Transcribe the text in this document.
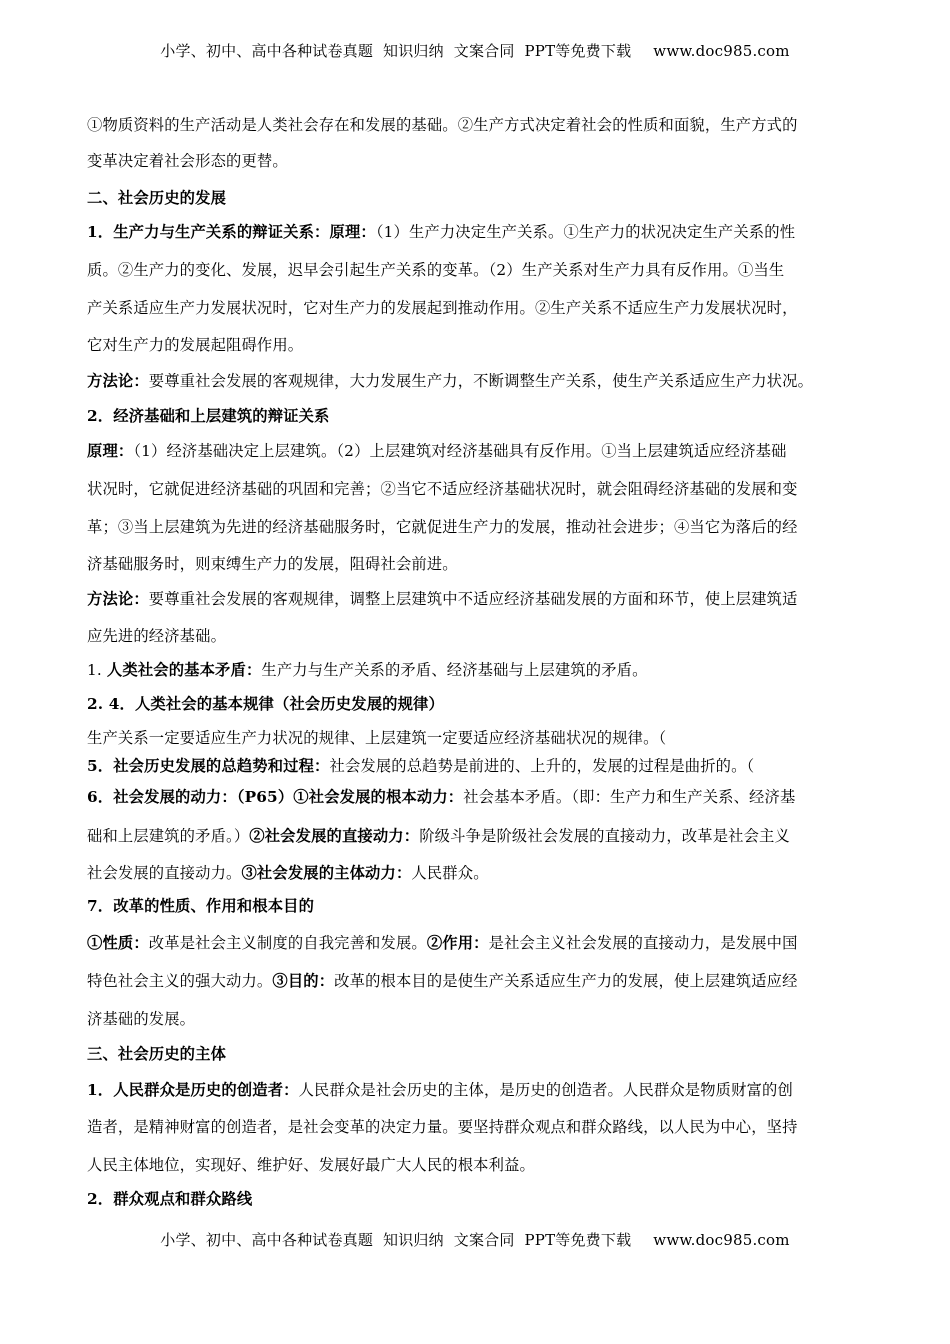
小学、初中、高中各种试卷真题  知识归纳  文案合同  PPT等免费下载 www.doc985.com
①物质资料的生产活动是人类社会存在和发展的基础。②生产方式决定着社会的性质和面貌，生产方式的
变革决定着社会形态的更替。
二、社会历史的发展
1．生产力与生产关系的辩证关系：原理：（1）生产力决定生产关系。①生产力的状况决定生产关系的性
质。②生产力的变化、发展，迟早会引起生产关系的变革。（2）生产关系对生产力具有反作用。①当生
产关系适应生产力发展状况时，它对生产力的发展起到推动作用。②生产关系不适应生产力发展状况时，
它对生产力的发展起阻碍作用。
方法论：要尊重社会发展的客观规律，大力发展生产力，不断调整生产关系，使生产关系适应生产力状况。
2．经济基础和上层建筑的辩证关系
原理：（1）经济基础决定上层建筑。（2）上层建筑对经济基础具有反作用。①当上层建筑适应经济基础
状况时，它就促进经济基础的巩固和完善；②当它不适应经济基础状况时，就会阻碍经济基础的发展和变
革；③当上层建筑为先进的经济基础服务时，它就促进生产力的发展，推动社会进步；④当它为落后的经
济基础服务时，则束缚生产力的发展，阻碍社会前进。
方法论：要尊重社会发展的客观规律，调整上层建筑中不适应经济基础发展的方面和环节，使上层建筑适
应先进的经济基础。
1. 人类社会的基本矛盾：生产力与生产关系的矛盾、经济基础与上层建筑的矛盾。
2. 4．人类社会的基本规律（社会历史发展的规律）
生产关系一定要适应生产力状况的规律、上层建筑一定要适应经济基础状况的规律。（
5．社会历史发展的总趋势和过程：社会发展的总趋势是前进的、上升的，发展的过程是曲折的。（
6．社会发展的动力：（P65）①社会发展的根本动力：社会基本矛盾。（即：生产力和生产关系、经济基
础和上层建筑的矛盾。）②社会发展的直接动力：阶级斗争是阶级社会发展的直接动力，改革是社会主义
社会发展的直接动力。③社会发展的主体动力：人民群众。
7．改革的性质、作用和根本目的
①性质：改革是社会主义制度的自我完善和发展。②作用：是社会主义社会发展的直接动力，是发展中国
特色社会主义的强大动力。③目的：改革的根本目的是使生产关系适应生产力的发展，使上层建筑适应经
济基础的发展。
三、社会历史的主体
1．人民群众是历史的创造者：人民群众是社会历史的主体，是历史的创造者。人民群众是物质财富的创
造者，是精神财富的创造者，是社会变革的决定力量。要坚持群众观点和群众路线，以人民为中心，坚持
人民主体地位，实现好、维护好、发展好最广大人民的根本利益。
2．群众观点和群众路线
小学、初中、高中各种试卷真题  知识归纳  文案合同  PPT等免费下载 www.doc985.com
